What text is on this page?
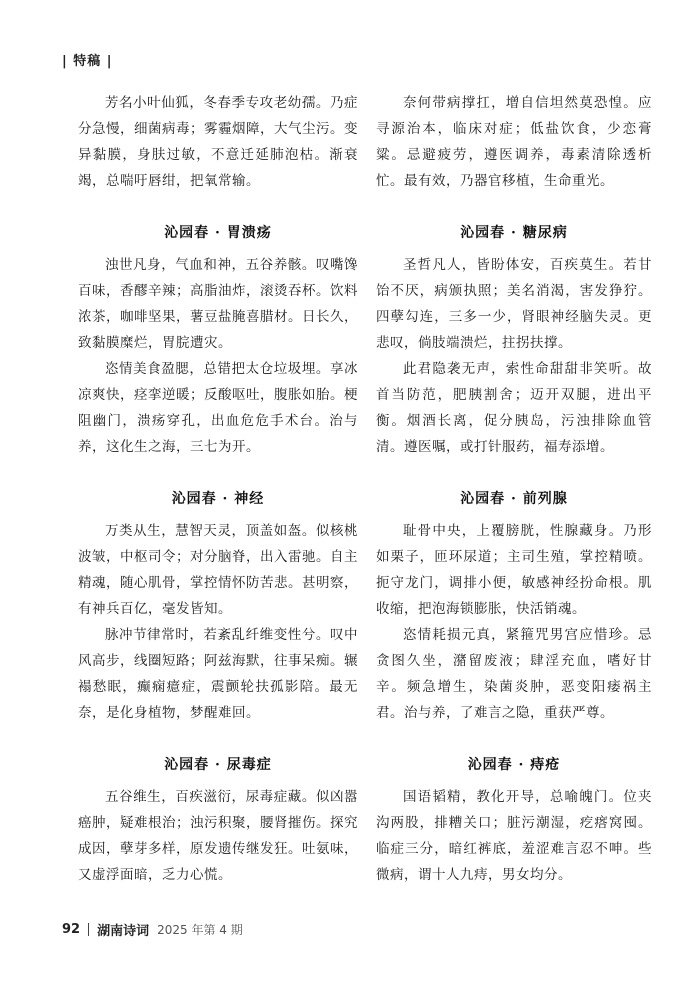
| 特稿 |

芳名小叶仙狐，冬春季专攻老幼孺。乃症分急慢，细菌病毒；雾霾烟障，大气尘污。变异黏膜，身肤过敏，不意迁延肺泡枯。渐衰竭，总喘吁唇绀，把氧常输。

沁园春 · 胃溃疡

浊世凡身，气血和神，五谷养骸。叹嘴馋百味，香醪辛辣；高脂油炸，滚烫吞杯。饮料浓茶，咖啡坚果，薯豆盐腌喜腊材。日长久，致黏膜糜烂，胃脘遭灾。

恣情美食盈腮，总错把太仓垃圾埋。享冰凉爽快，痉挛逆暖；反酸呕吐，腹胀如胎。梗阻幽门，溃疡穿孔，出血危危手术台。治与养，这化生之海，三七为开。

沁园春 · 神经

万类从生，慧智天灵，顶盖如盔。似核桃波皱，中枢司令；对分脑脊，出入雷驰。自主精魂，随心肌骨，掌控情怀防苦悲。甚明察，有神兵百亿，毫发皆知。

脉冲节律常时，若紊乱纤维变性兮。叹中风高步，线圈短路；阿兹海默，往事呆痴。辗褟愁眠，癫痫癔症，震颤轮扶孤影陪。最无奈，是化身植物，梦醒难回。

沁园春 · 尿毒症

五谷维生，百疾滋衍，尿毒症藏。似凶嚣癌肿，疑难根治；浊污积聚，腰肾摧伤。探究成因，孽芽多样，原发遗传继发狂。吐氨味，又虚浮面暗，乏力心慌。

奈何带病撑扛，增自信坦然莫恐惶。应寻源治本，临床对症；低盐饮食，少恋膏粱。忌避疲劳，遵医调养，毒素清除透析忙。最有效，乃器官移植，生命重光。

沁园春 · 糖尿病

圣哲凡人，皆盼体安，百疾莫生。若甘饴不厌，病颁执照；美名消渴，害发狰狞。四孽勾连，三多一少，肾眼神经脑失灵。更悲叹，倘肢端溃烂，拄拐扶撑。

此君隐袭无声，索性命甜甜非笑听。故首当防范，肥胰割舍；迈开双腿，进出平衡。烟酒长离，促分胰岛，污浊排除血管清。遵医嘱，或打针服药，福寿添增。

沁园春 · 前列腺

耻骨中央，上覆膀胱，性腺藏身。乃形如栗子，匝环尿道；主司生殖，掌控精喷。扼守龙门，调排小便，敏感神经扮命根。肌收缩，把泡海锁膨胀，快活销魂。

恣情耗损元真，紧箍咒男宫应惜珍。忌贪图久坐，潴留废液；肆淫充血，嗜好甘辛。频急增生，染菌炎肿，恶变阳痿祸主君。治与养，了难言之隐，重获严尊。

沁园春 · 痔疮

国语韬精，教化开导，总喻魄门。位夹沟两股，排糟关口；脏污潮湿，疙瘩窝囤。临症三分，暗红裤底，羞涩难言忍不呻。些微病，谓十人九痔，男女均分。

92 湖南诗词 2025 年第 4 期
